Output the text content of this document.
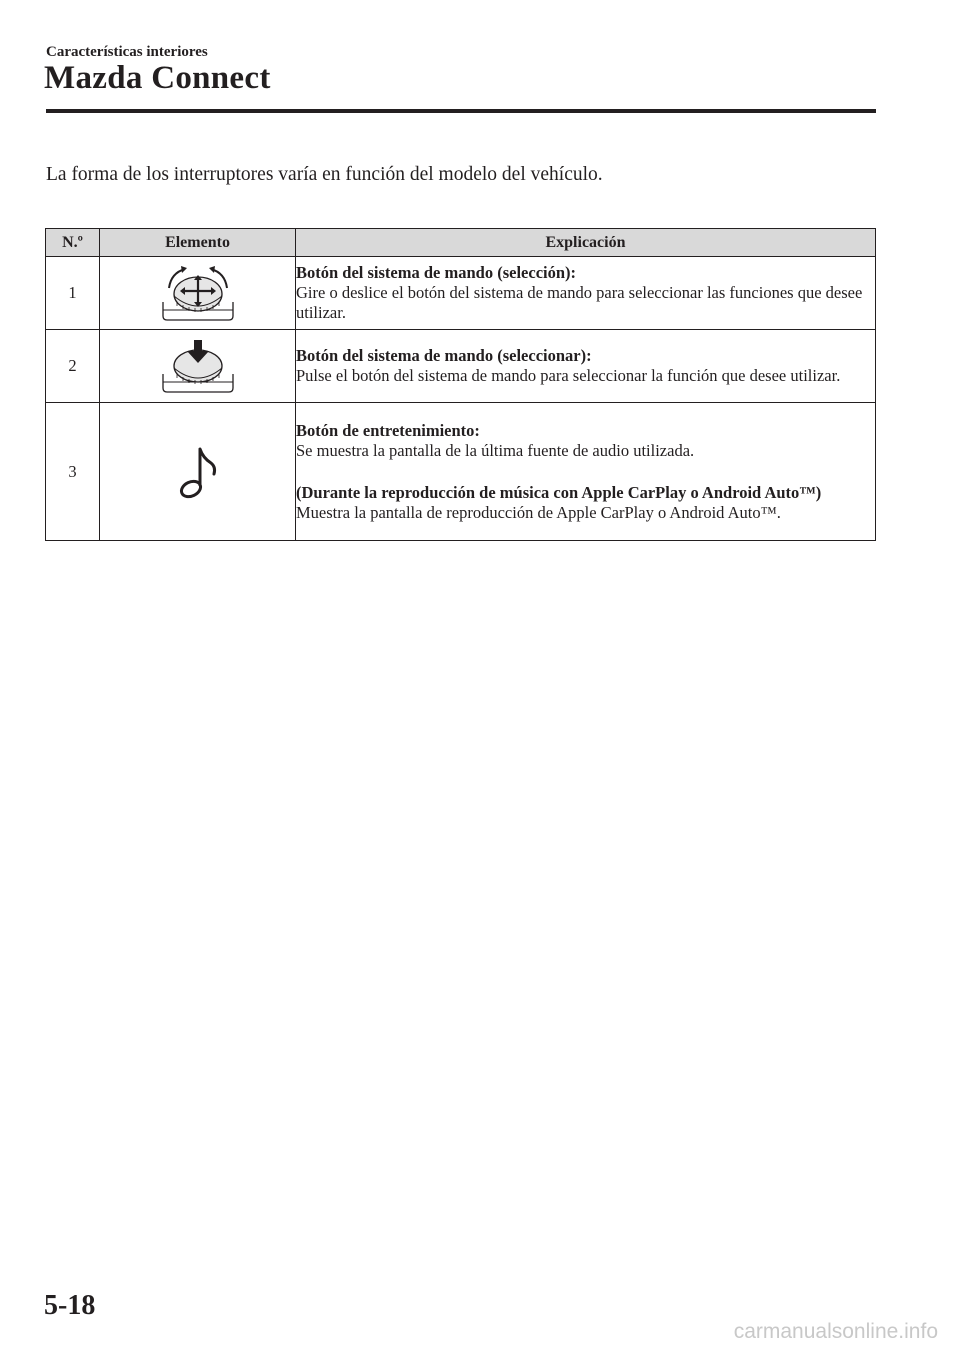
Características interiores
Mazda Connect
La forma de los interruptores varía en función del modelo del vehículo.
N.º	Elemento	Explicación
1		Botón del sistema de mando (selección):
Gire o deslice el botón del sistema de mando para seleccionar las funciones que desee utilizar.

2		Botón del sistema de mando (seleccionar):
Pulse el botón del sistema de mando para seleccionar la función que desee utilizar.

3		Botón de entretenimiento:
Se muestra la pantalla de la última fuente de audio utilizada.
(Durante la reproducción de música con Apple CarPlay o Android Auto™)
Muestra la pantalla de reproducción de Apple CarPlay o Android Auto™.
5-18
carmanualsonline.info
